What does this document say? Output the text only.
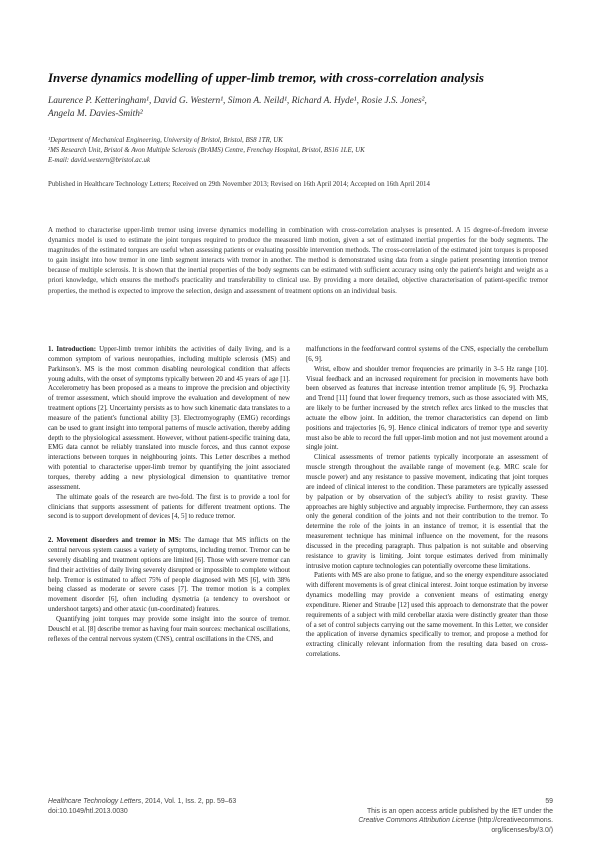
Inverse dynamics modelling of upper-limb tremor, with cross-correlation analysis
Laurence P. Ketteringham¹, David G. Western¹, Simon A. Neild¹, Richard A. Hyde¹, Rosie J.S. Jones²,
Angela M. Davies-Smith²
¹Department of Mechanical Engineering, University of Bristol, Bristol, BS8 1TR, UK
²MS Research Unit, Bristol & Avon Multiple Sclerosis (BrAMS) Centre, Frenchay Hospital, Bristol, BS16 1LE, UK
E-mail: david.western@bristol.ac.uk
Published in Healthcare Technology Letters; Received on 29th November 2013; Revised on 16th April 2014; Accepted on 16th April 2014
A method to characterise upper-limb tremor using inverse dynamics modelling in combination with cross-correlation analyses is presented. A 15 degree-of-freedom inverse dynamics model is used to estimate the joint torques required to produce the measured limb motion, given a set of estimated inertial properties for the body segments. The magnitudes of the estimated torques are useful when assessing patients or evaluating possible intervention methods. The cross-correlation of the estimated joint torques is proposed to gain insight into how tremor in one limb segment interacts with tremor in another. The method is demonstrated using data from a single patient presenting intention tremor because of multiple sclerosis. It is shown that the inertial properties of the body segments can be estimated with sufficient accuracy using only the patient's height and weight as a priori knowledge, which ensures the method's practicality and transferability to clinical use. By providing a more detailed, objective characterisation of patient-specific tremor properties, the method is expected to improve the selection, design and assessment of treatment options on an individual basis.

1. Introduction: Upper-limb tremor inhibits the activities of daily living, and is a common symptom of various neuropathies, including multiple sclerosis (MS) and Parkinson's. MS is the most common disabling neurological condition that affects young adults, with the onset of symptoms typically between 20 and 45 years of age [1]. Accelerometry has been proposed as a means to improve the precision and objectivity of tremor assessment, which should improve the evaluation and development of new treatment options [2]. Uncertainty persists as to how such kinematic data translates to a measure of the patient's functional ability [3]. Electromyography (EMG) recordings can be used to grant insight into temporal patterns of muscle activation, thereby adding depth to the physiological assessment. However, without patient-specific training data, EMG data cannot be reliably translated into muscle forces, and thus cannot expose interactions between torques in neighbouring joints. This Letter describes a method with potential to characterise upper-limb tremor by quantifying the joint associated torques, thereby adding a new physiological dimension to quantitative tremor assessment.

The ultimate goals of the research are two-fold. The first is to provide a tool for clinicians that supports assessment of patients for different treatment options. The second is to support development of devices [4, 5] to reduce tremor.

2. Movement disorders and tremor in MS: The damage that MS inflicts on the central nervous system causes a variety of symptoms, including tremor. Tremor can be severely disabling and treatment options are limited [6]. Those with severe tremor can find their activities of daily living severely disrupted or impossible to complete without help. Tremor is estimated to affect 75% of people diagnosed with MS [6], with 38% being classed as moderate or severe cases [7]. The tremor motion is a complex movement disorder [6], often including dysmetria (a tendency to overshoot or undershoot targets) and other ataxic (un-coordinated) features.

Quantifying joint torques may provide some insight into the source of tremor. Deuschl et al. [8] describe tremor as having four main sources: mechanical oscillations, reflexes of the central nervous system (CNS), central oscillations in the CNS, and

malfunctions in the feedforward control systems of the CNS, especially the cerebellum [6, 9].

Wrist, elbow and shoulder tremor frequencies are primarily in 3–5 Hz range [10]. Visual feedback and an increased requirement for precision in movements have both been observed as features that increase intention tremor amplitude [6, 9]. Prochazka and Trend [11] found that lower frequency tremors, such as those associated with MS, are likely to be further increased by the stretch reflex arcs linked to the muscles that actuate the elbow joint. In addition, the tremor characteristics can depend on limb positions and trajectories [6, 9]. Hence clinical indicators of tremor type and severity must also be able to record the full upper-limb motion and not just movement around a single joint.

Clinical assessments of tremor patients typically incorporate an assessment of muscle strength throughout the available range of movement (e.g. MRC scale for muscle power) and any resistance to passive movement, indicating that joint torques are indeed of clinical interest to the condition. These parameters are typically assessed by palpation or by observation of the subject's ability to resist gravity. These approaches are highly subjective and arguably imprecise. Furthermore, they can assess only the general condition of the joints and not their contribution to the tremor. To determine the role of the joints in an instance of tremor, it is essential that the measurement technique has minimal influence on the movement, for the reasons discussed in the preceding paragraph. Thus palpation is not suitable and observing resistance to gravity is limiting. Joint torque estimates derived from minimally intrusive motion capture technologies can potentially overcome these limitations.

Patients with MS are also prone to fatigue, and so the energy expenditure associated with different movements is of great clinical interest. Joint torque estimation by inverse dynamics modelling may provide a convenient means of estimating energy expenditure. Riener and Straube [12] used this approach to demonstrate that the power requirements of a subject with mild cerebellar ataxia were distinctly greater than those of a set of control subjects carrying out the same movement. In this Letter, we consider the application of inverse dynamics specifically to tremor, and propose a method for extracting clinically relevant information from the resulting data based on cross-correlations.

Healthcare Technology Letters, 2014, Vol. 1, Iss. 2, pp. 59–63
doi:10.1049/htl.2013.0030
59
This is an open access article published by the IET under the
Creative Commons Attribution License (http://creativecommons.
org/licenses/by/3.0/)
